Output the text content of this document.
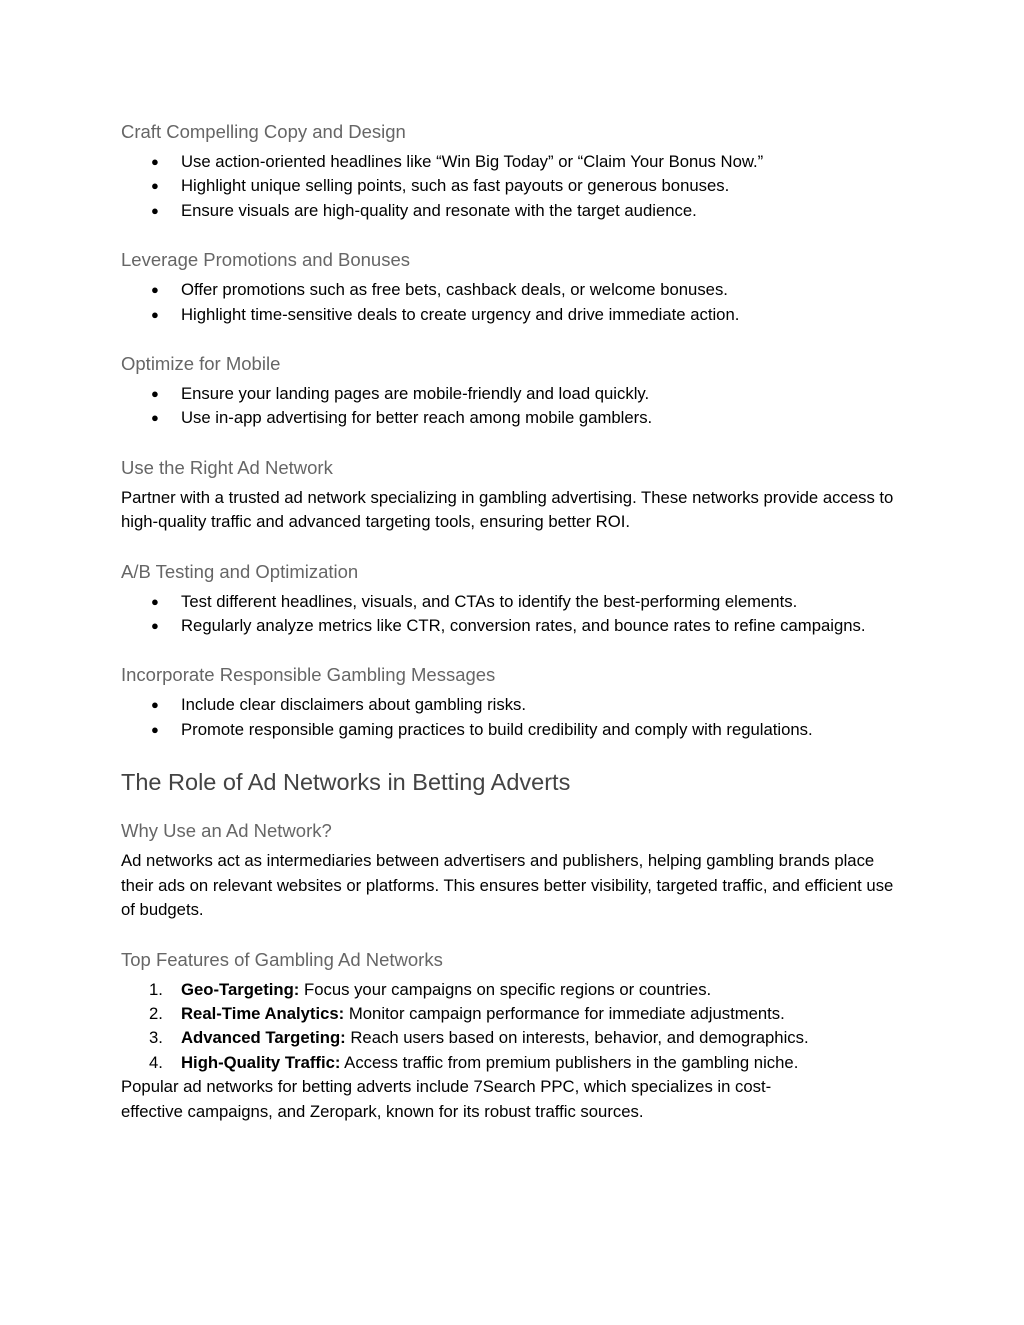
Craft Compelling Copy and Design
● Use action-oriented headlines like “Win Big Today” or “Claim Your Bonus Now.”
● Highlight unique selling points, such as fast payouts or generous bonuses.
● Ensure visuals are high-quality and resonate with the target audience.
Leverage Promotions and Bonuses
● Offer promotions such as free bets, cashback deals, or welcome bonuses.
● Highlight time-sensitive deals to create urgency and drive immediate action.
Optimize for Mobile
● Ensure your landing pages are mobile-friendly and load quickly.
● Use in-app advertising for better reach among mobile gamblers.
Use the Right Ad Network

Partner with a trusted ad network specializing in gambling advertising. These networks provide access to high-quality traffic and advanced targeting tools, ensuring better ROI.

A/B Testing and Optimization
● Test different headlines, visuals, and CTAs to identify the best-performing elements.
● Regularly analyze metrics like CTR, conversion rates, and bounce rates to refine campaigns.
Incorporate Responsible Gambling Messages
● Include clear disclaimers about gambling risks.
● Promote responsible gaming practices to build credibility and comply with regulations.
The Role of Ad Networks in Betting Adverts
Why Use an Ad Network?

Ad networks act as intermediaries between advertisers and publishers, helping gambling brands place their ads on relevant websites or platforms. This ensures better visibility, targeted traffic, and efficient use of budgets.

Top Features of Gambling Ad Networks
1. Geo-Targeting: Focus your campaigns on specific regions or countries.
2. Real-Time Analytics: Monitor campaign performance for immediate adjustments.
3. Advanced Targeting: Reach users based on interests, behavior, and demographics.
4. High-Quality Traffic: Access traffic from premium publishers in the gambling niche.

Popular ad networks for betting adverts include 7Search PPC, which specializes in cost-effective campaigns, and Zeropark, known for its robust traffic sources.
